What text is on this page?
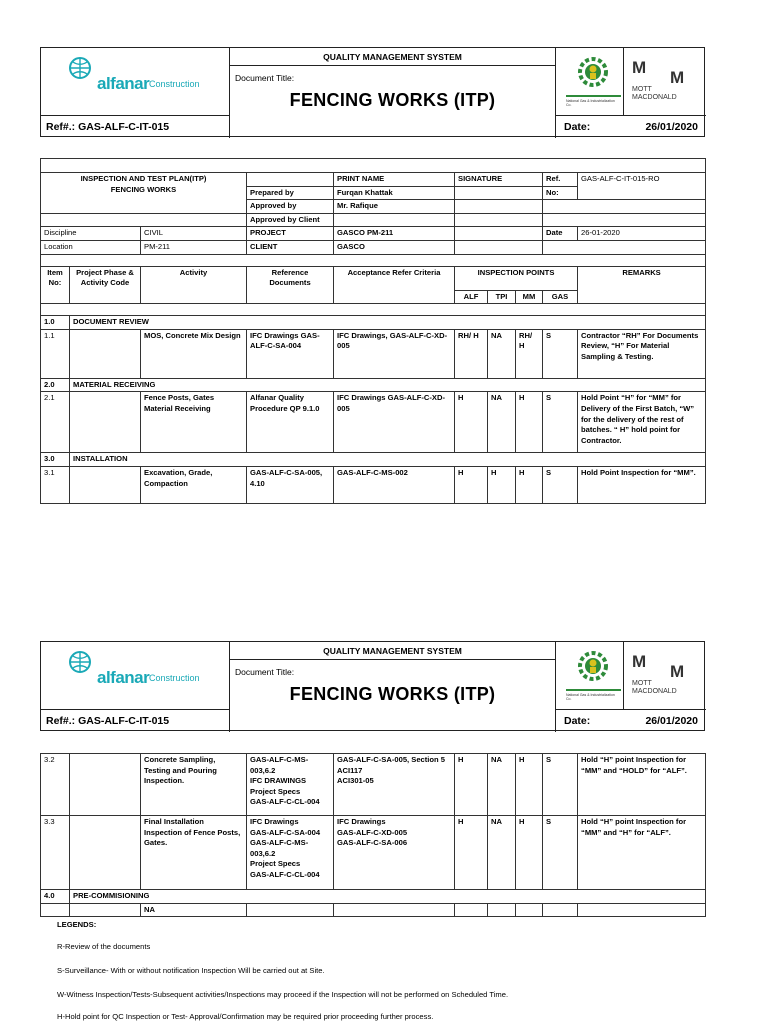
alfanar Construction
Ref#.: GAS-ALF-C-IT-015
QUALITY MANAGEMENT SYSTEM
Document Title:
FENCING WORKS (ITP)	National Gas & Industrialization Co.
M
M
MOTT
MACDONALD
Date:	26/01/2020

INSPECTION AND TEST PLAN(ITP)
FENCING WORKS				PRINT NAME	SIGNATURE			Ref.	GAS-ALF-C-IT-015-RO
			Prepared by	Furqan Khattak				No:	
			Approved by	Mr. Rafique					
			Approved by Client						
Discipline		CIVIL	PROJECT	GASCO PM-211				Date	26-01-2020
Location		PM-211	CLIENT	GASCO					

Item No:	Project Phase & Activity Code	Activity	Reference Documents	Acceptance Refer Criteria	INSPECTION POINTS				REMARKS
					ALF	TPI	MM	GAS	

1.0	DOCUMENT REVIEW								
1.1		MOS, Concrete Mix Design	IFC Drawings GAS-ALF-C-SA-004	IFC Drawings, GAS-ALF-C-XD-005	RH/ H	NA	RH/ H	S	Contractor “RH” For Documents Review, “H” For Material Sampling & Testing.
2.0	MATERIAL RECEIVING								
2.1		Fence Posts, Gates Material Receiving	Alfanar Quality Procedure QP 9.1.0	IFC Drawings GAS-ALF-C-XD-005	H	NA	H	S	Hold Point “H” for “MM” for Delivery of the First Batch, “W” for the delivery of the rest of batches. “ H” hold point for Contractor.
3.0	INSTALLATION								
3.1		Excavation, Grade, Compaction	GAS-ALF-C-SA-005, 4.10	GAS-ALF-C-MS-002	H	H	H	S	Hold Point Inspection for “MM”.
alfanar Construction
Ref#.: GAS-ALF-C-IT-015
QUALITY MANAGEMENT SYSTEM
Document Title:
FENCING WORKS (ITP)	National Gas & Industrialization Co.
M
M
MOTT
MACDONALD
Date:	26/01/2020
3.2		Concrete Sampling, Testing and Pouring Inspection.	GAS-ALF-C-MS-003,6.2
IFC DRAWINGS
Project Specs
GAS-ALF-C-CL-004	GAS-ALF-C-SA-005, Section 5
ACI117
ACI301-05	H	NA	H	S	Hold “H” point Inspection for “MM” and “HOLD” for “ALF”.
3.3		Final Installation Inspection of Fence Posts, Gates.	IFC Drawings
GAS-ALF-C-SA-004
GAS-ALF-C-MS-003,6.2
Project Specs
GAS-ALF-C-CL-004	IFC Drawings
GAS-ALF-C-XD-005
GAS-ALF-C-SA-006	H	NA	H	S	Hold “H” point Inspection for “MM” and “H” for “ALF”.
4.0	PRE-COMMISIONING								
		NA							
LEGENDS:
R-Review of the documents
S-Surveillance- With or without notification Inspection Will be carried out at Site.
W-Witness Inspection/Tests-Subsequent activities/Inspections may proceed if the Inspection will not be performed on Scheduled Time.
H-Hold point for QC Inspection or Test- Approval/Confirmation may be required prior proceeding further process.
